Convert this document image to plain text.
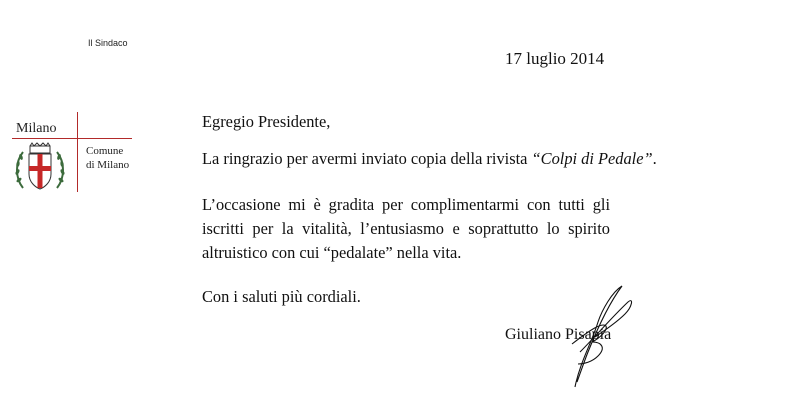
Il Sindaco
17 luglio 2014
Milano
Comune
di Milano

Egregio Presidente,

La ringrazio per avermi inviato copia della rivista “Colpi di Pedale”.

L’occasione mi è gradita per complimentarmi con tutti gli iscritti per la vitalità, l’entusiasmo e soprattutto lo spirito altruistico con cui “pedalate” nella vita.

Con i saluti più cordiali.

Giuliano Pisapia
